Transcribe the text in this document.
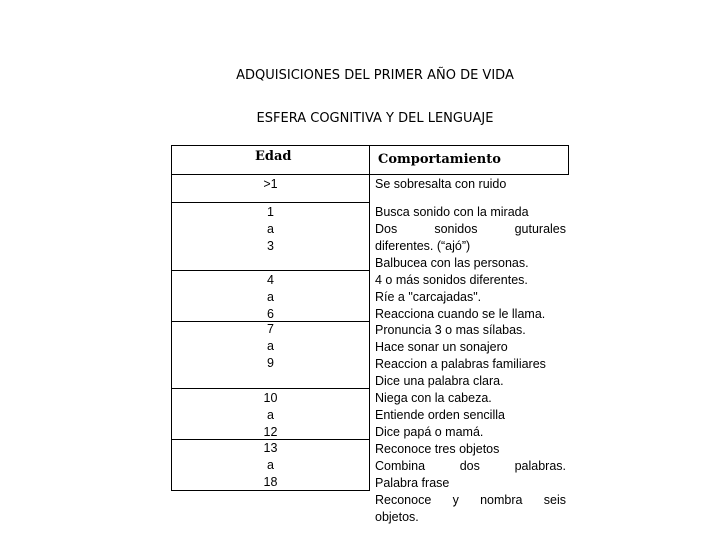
ADQUISICIONES DEL PRIMER AÑO DE VIDA
ESFERA COGNITIVA Y DEL LENGUAJE
Edad	Comportamiento
>1
1
a
3
4
a
6
7
a
9
10
a
12
13
a
18
Se sobresalta con ruido
Busca sonido con la mirada
Dos sonidos guturales
diferentes. (“ajó”)
Balbucea con las personas.
4 o más sonidos diferentes.
Ríe a "carcajadas".
Reacciona cuando se le llama.
Pronuncia 3 o mas sílabas.
Hace sonar un sonajero
Reaccion a palabras familiares
Dice una palabra clara.
Niega con la cabeza.
Entiende orden sencilla
Dice papá o mamá.
Reconoce tres objetos
Combina dos palabras.
Palabra frase
Reconoce y nombra seis
objetos.
